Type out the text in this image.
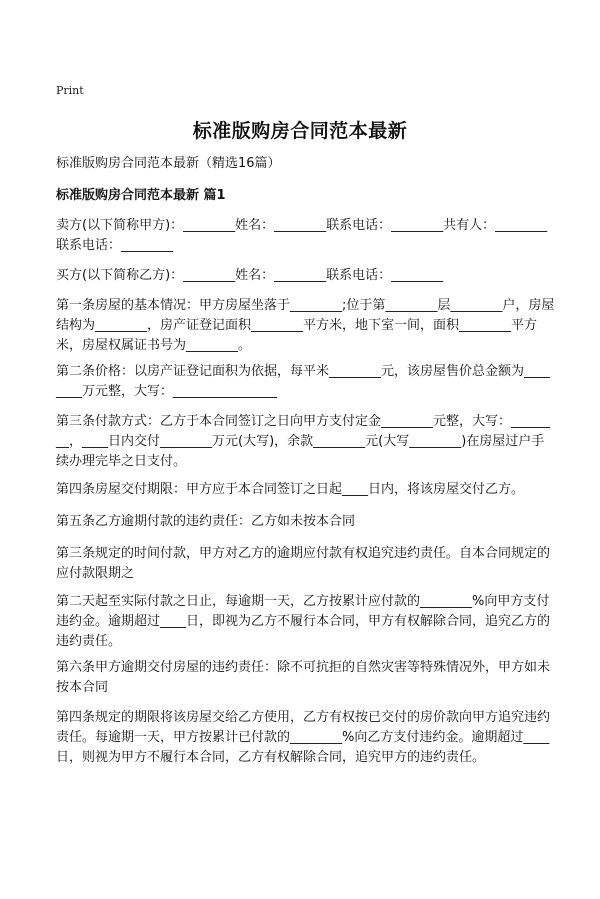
Print
标准版购房合同范本最新
标准版购房合同范本最新（精选16篇）
标准版购房合同范本最新 篇1
卖方(以下简称甲方)：________姓名：________联系电话：________共有人：________联系电话：________
买方(以下简称乙方)：________姓名：________联系电话：________
第一条房屋的基本情况：甲方房屋坐落于________;位于第________层________户，房屋结构为________，房产证登记面积________平方米，地下室一间，面积________平方米，房屋权属证书号为________。
第二条价格：以房产证登记面积为依据，每平米________元，该房屋售价总金额为________万元整，大写：________________
第三条付款方式：乙方于本合同签订之日向甲方支付定金________元整，大写：________，____日内交付________万元(大写)，余款________元(大写________)在房屋过户手续办理完毕之日支付。
第四条房屋交付期限：甲方应于本合同签订之日起____日内，将该房屋交付乙方。
第五条乙方逾期付款的违约责任：乙方如未按本合同
第三条规定的时间付款，甲方对乙方的逾期应付款有权追究违约责任。自本合同规定的应付款限期之
第二天起至实际付款之日止，每逾期一天，乙方按累计应付款的________%向甲方支付违约金。逾期超过____日，即视为乙方不履行本合同，甲方有权解除合同，追究乙方的违约责任。
第六条甲方逾期交付房屋的违约责任：除不可抗拒的自然灾害等特殊情况外，甲方如未按本合同
第四条规定的期限将该房屋交给乙方使用，乙方有权按已交付的房价款向甲方追究违约责任。每逾期一天，甲方按累计已付款的________%向乙方支付违约金。逾期超过____日，则视为甲方不履行本合同，乙方有权解除合同，追究甲方的违约责任。
